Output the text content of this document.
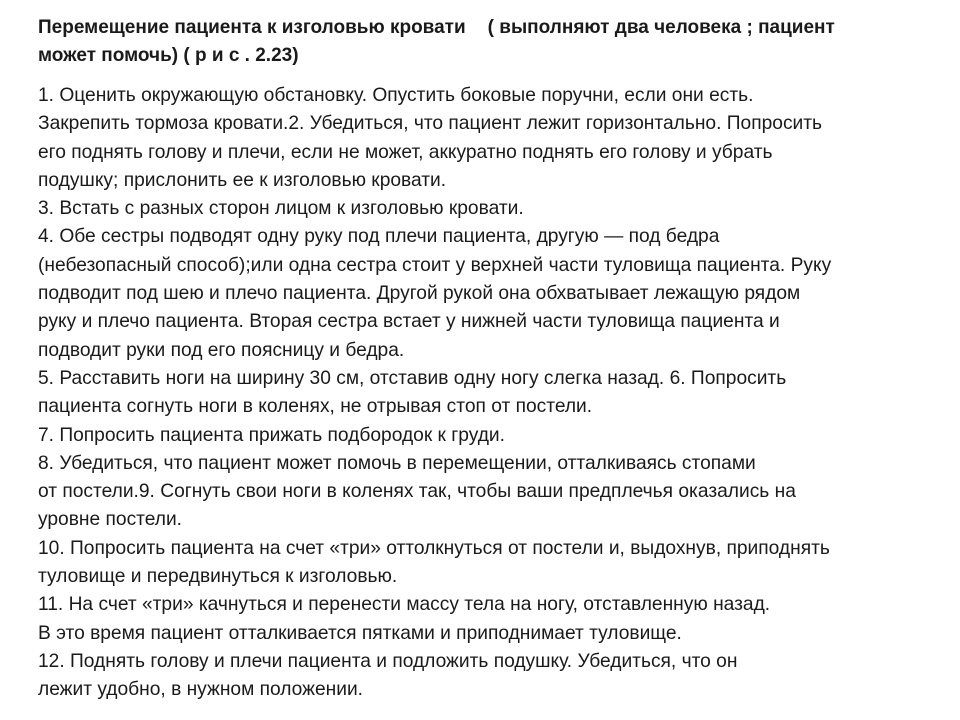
Перемещение пациента к изголовью кровати ( выполняют два человека ; пациент
может помочь) ( р и с . 2.23)
1. Оценить окружающую обстановку. Опустить боковые поручни, если они есть.
Закрепить тормоза кровати.2. Убедиться, что пациент лежит горизонтально. Попросить
его поднять голову и плечи, если не может, аккуратно поднять его голову и убрать
подушку; прислонить ее к изголовью кровати.
3. Встать с разных сторон лицом к изголовью кровати.
4. Обе сестры подводят одну руку под плечи пациента, другую — под бедра
(небезопасный способ);или одна сестра стоит у верхней части туловища пациента. Руку
подводит под шею и плечо пациента. Другой рукой она обхватывает лежащую рядом
руку и плечо пациента. Вторая сестра встает у нижней части туловища пациента и
подводит руки под его поясницу и бедра.
5. Расставить ноги на ширину 30 см, отставив одну ногу слегка назад. 6. Попросить
пациента согнуть ноги в коленях, не отрывая стоп от постели.
7. Попросить пациента прижать подбородок к груди.
8. Убедиться, что пациент может помочь в перемещении, отталкиваясь стопами
от постели.9. Согнуть свои ноги в коленях так, чтобы ваши предплечья оказались на
уровне постели.
10. Попросить пациента на счет «три» оттолкнуться от постели и, выдохнув, приподнять
туловище и передвинуться к изголовью.
11. На счет «три» качнуться и перенести массу тела на ногу, отставленную назад.
В это время пациент отталкивается пятками и приподнимает туловище.
12. Поднять голову и плечи пациента и подложить подушку. Убедиться, что он
лежит удобно, в нужном положении.
